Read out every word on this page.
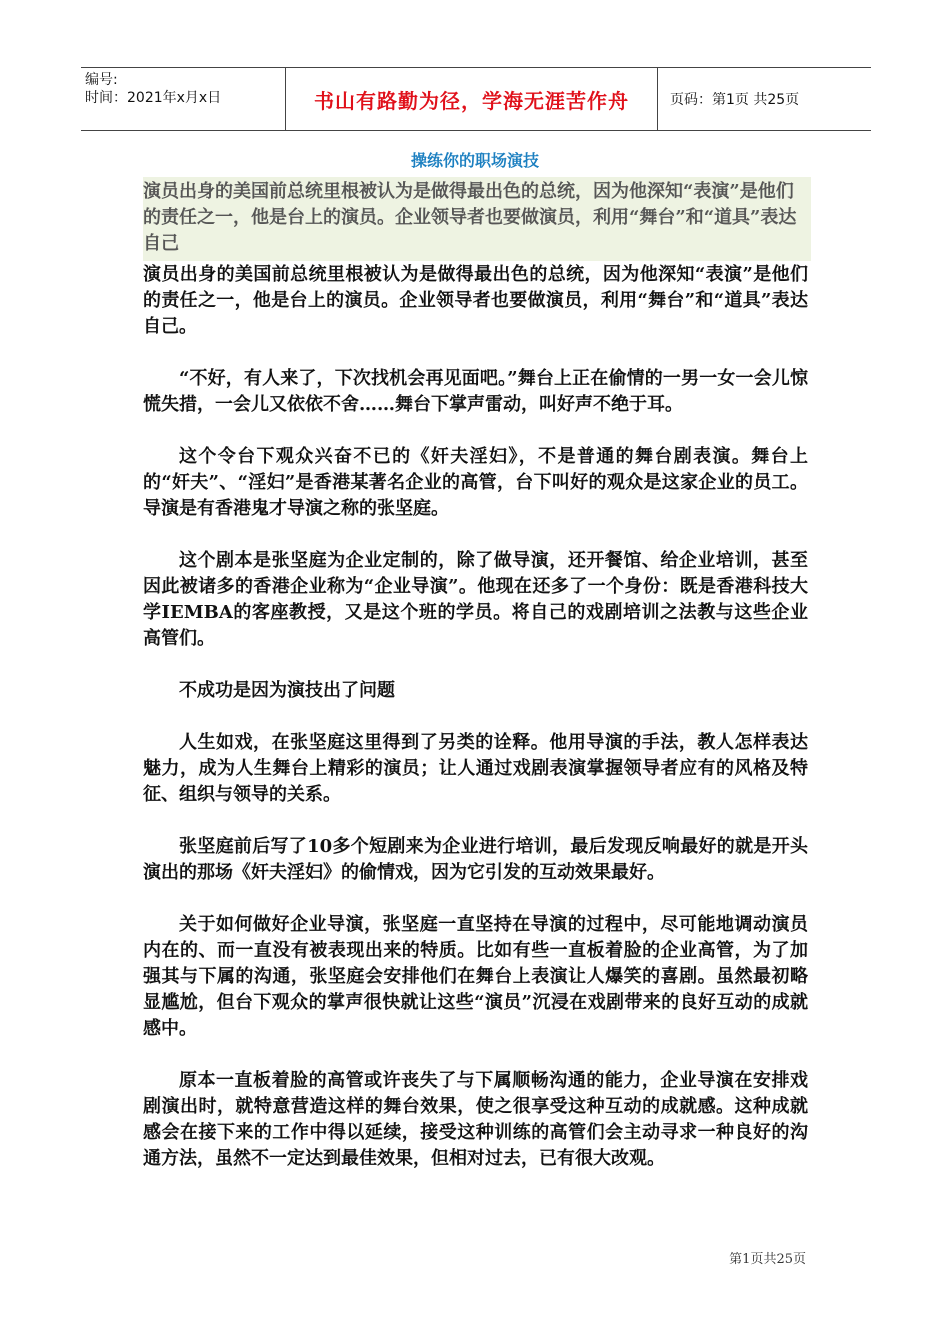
编号:
时间：2021年x月x日	书山有路勤为径，学海无涯苦作舟	页码：第1页 共25页
操练你的职场演技
演员出身的美国前总统里根被认为是做得最出色的总统，因为他深知“表演”是他们的责任之一，他是台上的演员。企业领导者也要做演员，利用“舞台”和“道具”表达自己

演员出身的美国前总统里根被认为是做得最出色的总统，因为他深知“表演”是他们的责任之一，他是台上的演员。企业领导者也要做演员，利用“舞台”和“道具”表达自己。

“不好，有人来了，下次找机会再见面吧。”舞台上正在偷情的一男一女一会儿惊慌失措，一会儿又依依不舍……舞台下掌声雷动，叫好声不绝于耳。

这个令台下观众兴奋不已的《奸夫淫妇》，不是普通的舞台剧表演。舞台上的“奸夫”、“淫妇”是香港某著名企业的高管，台下叫好的观众是这家企业的员工。导演是有香港鬼才导演之称的张坚庭。

这个剧本是张坚庭为企业定制的，除了做导演，还开餐馆、给企业培训，甚至因此被诸多的香港企业称为“企业导演”。他现在还多了一个身份：既是香港科技大学IEMBA的客座教授，又是这个班的学员。将自己的戏剧培训之法教与这些企业高管们。

不成功是因为演技出了问题

人生如戏，在张坚庭这里得到了另类的诠释。他用导演的手法，教人怎样表达魅力，成为人生舞台上精彩的演员；让人通过戏剧表演掌握领导者应有的风格及特征、组织与领导的关系。

张坚庭前后写了10多个短剧来为企业进行培训，最后发现反响最好的就是开头演出的那场《奸夫淫妇》的偷情戏，因为它引发的互动效果最好。

关于如何做好企业导演，张坚庭一直坚持在导演的过程中，尽可能地调动演员内在的、而一直没有被表现出来的特质。比如有些一直板着脸的企业高管，为了加强其与下属的沟通，张坚庭会安排他们在舞台上表演让人爆笑的喜剧。虽然最初略显尴尬，但台下观众的掌声很快就让这些“演员”沉浸在戏剧带来的良好互动的成就感中。

原本一直板着脸的高管或许丧失了与下属顺畅沟通的能力，企业导演在安排戏剧演出时，就特意营造这样的舞台效果，使之很享受这种互动的成就感。这种成就感会在接下来的工作中得以延续，接受这种训练的高管们会主动寻求一种良好的沟通方法，虽然不一定达到最佳效果，但相对过去，已有很大改观。

第1页共25页
